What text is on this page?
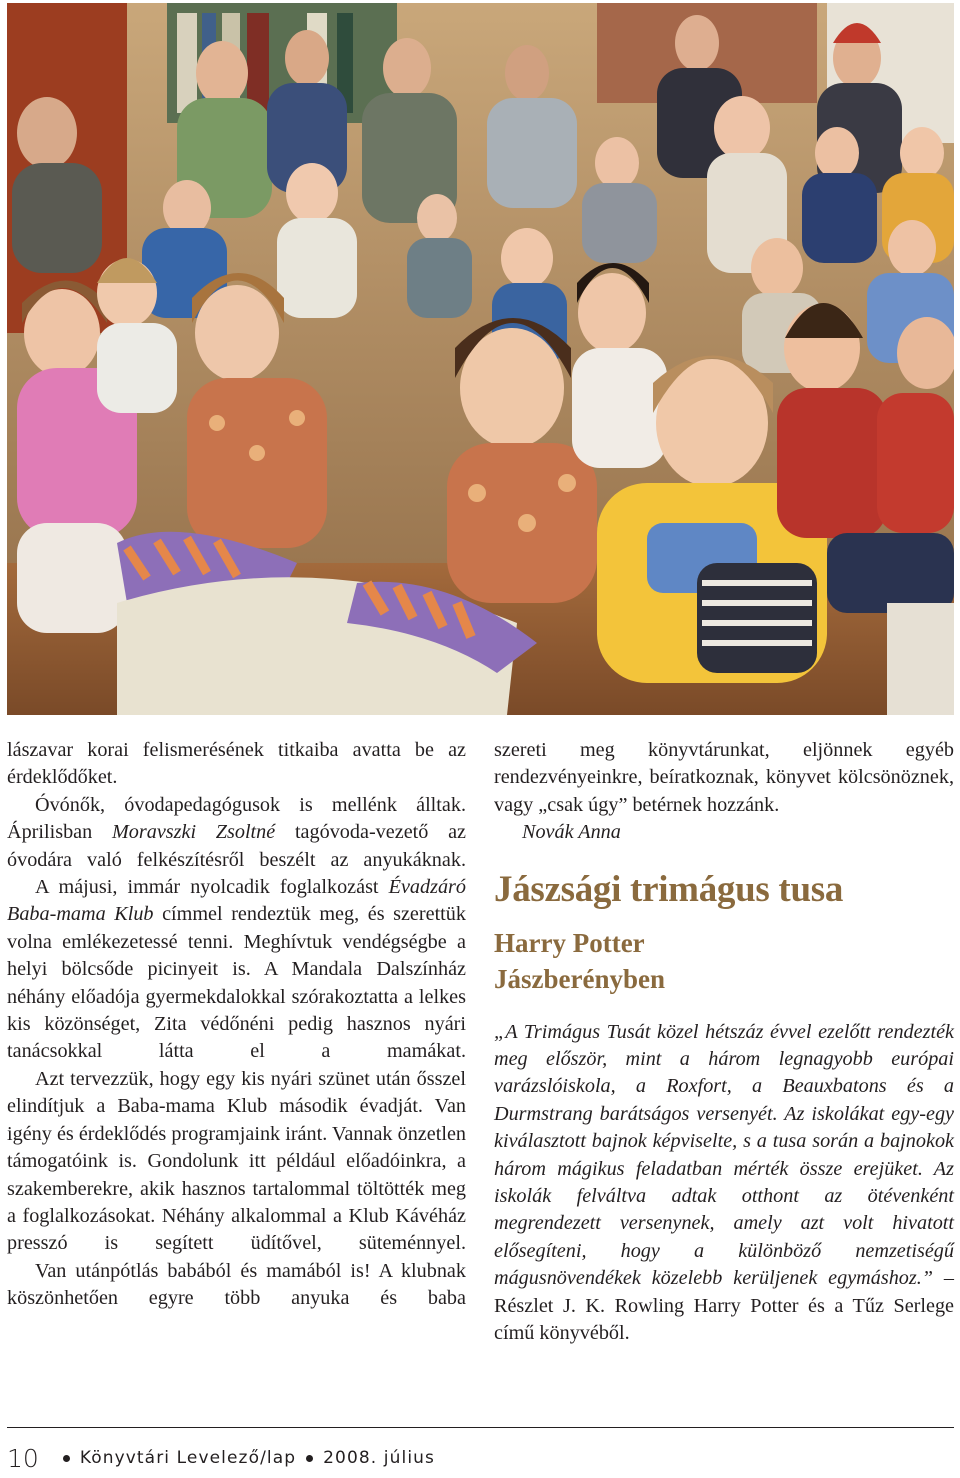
lászavar korai felismerésének titkaiba avatta be az érdeklődőket.

Óvónők, óvodapedagógusok is mellénk álltak. Áprilisban Moravszki Zsoltné tagóvoda-vezető az óvodára való felkészítésről beszélt az anyukáknak.

A májusi, immár nyolcadik foglalkozást Évadzáró Baba-mama Klub címmel rendeztük meg, és szerettük volna emlékezetessé tenni. Meghívtuk vendégségbe a helyi bölcsőde picinyeit is. A Mandala Dalszínház néhány előadója gyermekdalokkal szórakoztatta a lelkes kis közönséget, Zita védőnéni pedig hasznos nyári tanácsokkal látta el a mamákat.

Azt tervezzük, hogy egy kis nyári szünet után ősszel elindítjuk a Baba-mama Klub második évadját. Van igény és érdeklődés programjaink iránt. Vannak önzetlen támogatóink is. Gondolunk itt például előadóinkra, a szakemberekre, akik hasznos tartalommal töltötték meg a foglalkozásokat. Néhány alkalommal a Klub Kávéház presszó is segített üdítővel, süteménnyel.

Van utánpótlás babából és mamából is! A klubnak köszönhetően egyre több anyuka és baba

szereti meg könyvtárunkat, eljönnek egyéb rendezvényeinkre, beíratkoznak, könyvet kölcsönöznek, vagy „csak úgy” betérnek hozzánk.

Novák Anna

Jászsági trimágus tusa
Harry Potter
Jászberényben

„A Trimágus Tusát közel hétszáz évvel ezelőtt rendezték meg először, mint a három legnagyobb európai varázslóiskola, a Roxfort, a Beauxbatons és a Durmstrang barátságos versenyét. Az iskolákat egy-egy kiválasztott bajnok képviselte, s a tusa során a bajnokok három mágikus feladatban mérték össze erejüket. Az iskolák felváltva adtak otthont az ötévenként megrendezett versenynek, amely azt volt hivatott elősegíteni, hogy a különböző nemzetiségű mágusnövendékek közelebb kerüljenek egymáshoz.” – Részlet J. K. Rowling Harry Potter és a Tűz Serlege című könyvéből.

10 Könyvtári Levelező/lap 2008. július
